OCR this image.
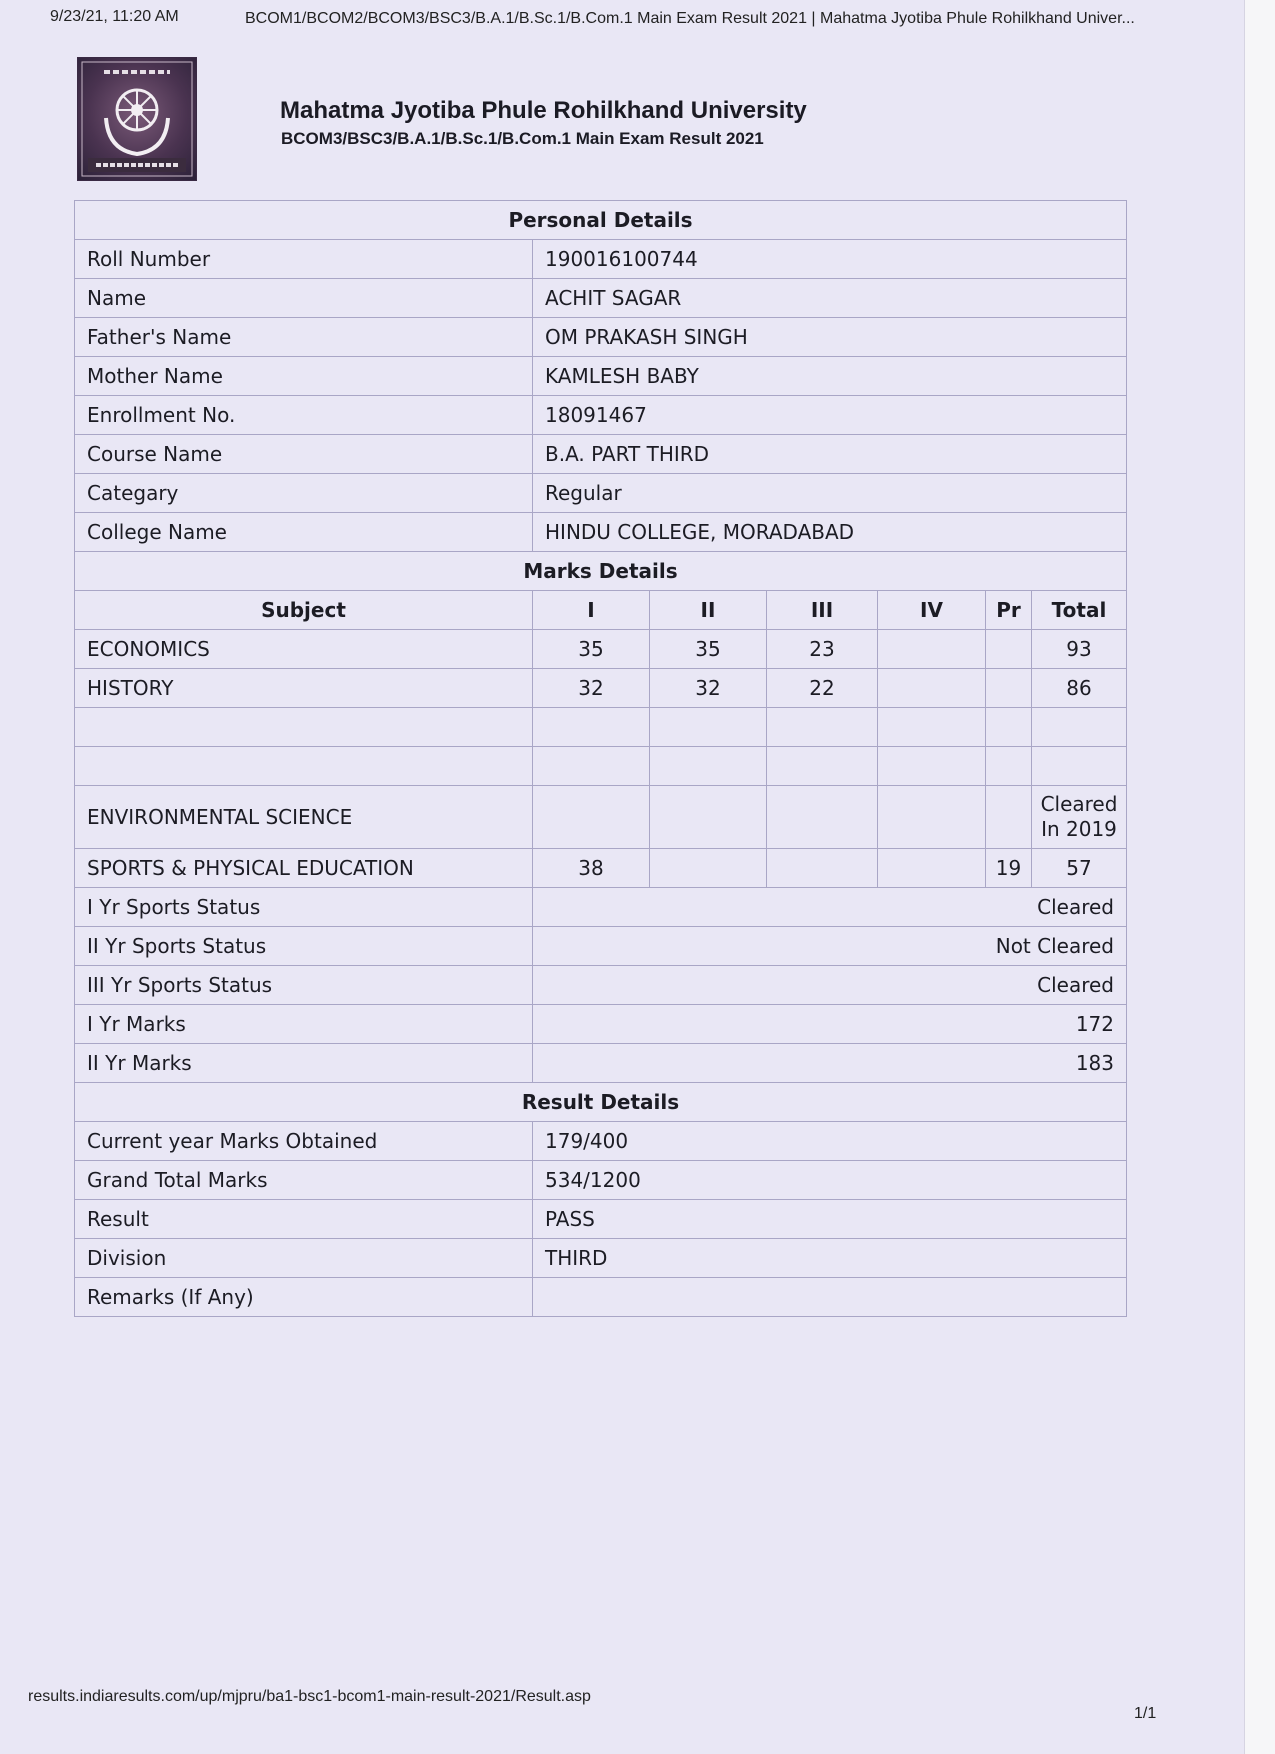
9/23/21, 11:20 AM	BCOM1/BCOM2/BCOM3/BSC3/B.A.1/B.Sc.1/B.Com.1 Main Exam Result 2021 | Mahatma Jyotiba Phule Rohilkhand Univer...
Mahatma Jyotiba Phule Rohilkhand University
BCOM3/BSC3/B.A.1/B.Sc.1/B.Com.1 Main Exam Result 2021
Personal Details						
Roll Number	190016100744					
Name	ACHIT SAGAR					
Father's Name	OM PRAKASH SINGH					
Mother Name	KAMLESH BABY					
Enrollment No.	18091467					
Course Name	B.A. PART THIRD					
Categary	Regular					
College Name	HINDU COLLEGE, MORADABAD					
Marks Details						
Subject	I	II	III	IV	Pr	Total
ECONOMICS	35	35	23			93
HISTORY	32	32	22			86

ENVIRONMENTAL SCIENCE						Cleared In 2019
SPORTS & PHYSICAL EDUCATION	38				19	57
I Yr Sports Status	Cleared					
II Yr Sports Status	Not Cleared					
III Yr Sports Status	Cleared					
I Yr Marks	172					
II Yr Marks	183					
Result Details						
Current year Marks Obtained	179/400					
Grand Total Marks	534/1200					
Result	PASS					
Division	THIRD					
Remarks (If Any)						
results.indiaresults.com/up/mjpru/ba1-bsc1-bcom1-main-result-2021/Result.asp
1/1
